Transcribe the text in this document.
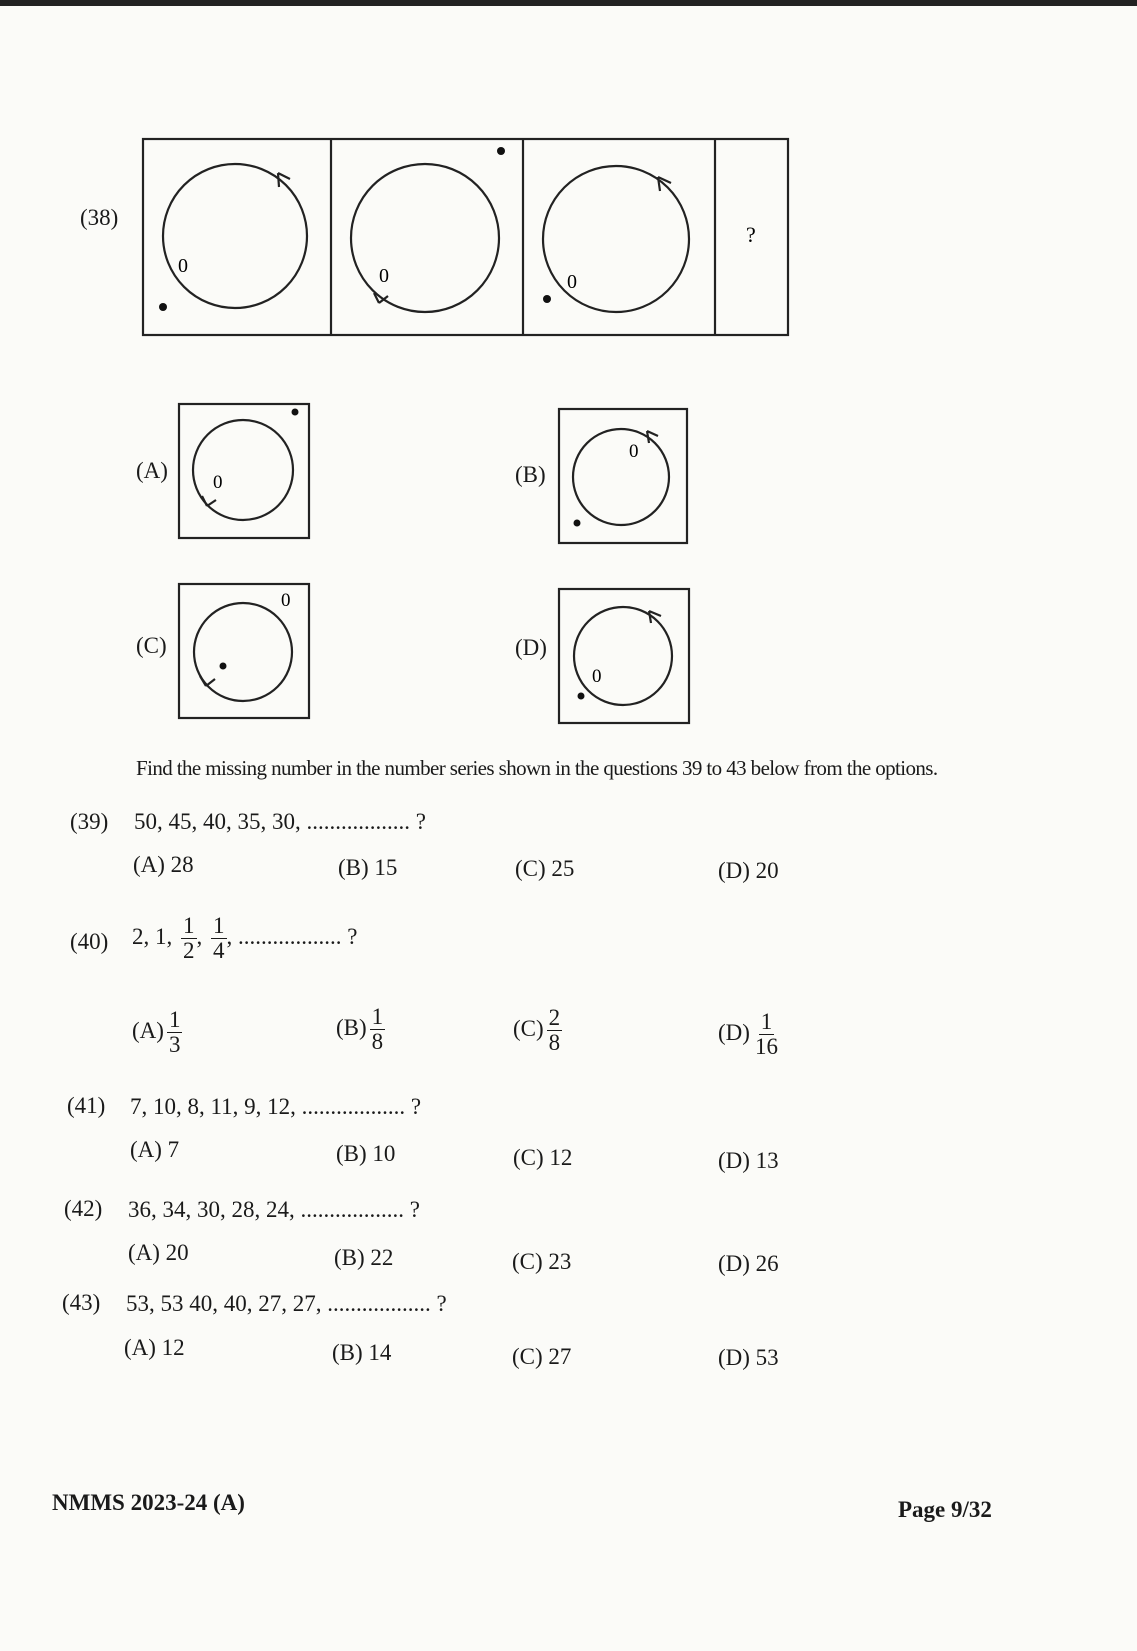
(38)
0	0	0
?
(A) 0	(B)
0
(C)
0
(D)
0
Find the missing number in the number series shown in the questions 39 to 43 below from the options.
(39) 50, 45, 40, 35, 30, .................. ?
(A) 28	(B) 15	(C) 25	(D) 20
(40) 2, 1, $\frac{1}{2}$ , $\frac{1}{4}$ , .................. ?
$(A) \frac{1}{3}$	$(B) \frac{1}{8}$	$(C) \frac{2}{8}$	$(D) \frac{1}{16}$
(41) 7, 10, 8, 11, 9, 12, .................. ?
(A) 7	(B) 10	(C) 12	(D) 13
(42) 36, 34, 30, 28, 24, .................. ?
(A) 20	(B) 22	(C) 23	(D) 26
(43) 53, 53 40, 40, 27, 27, .................. ?
(A) 12	(B) 14	(C) 27	(D) 53
NMMS 2023-24 (A)	Page 9/32
